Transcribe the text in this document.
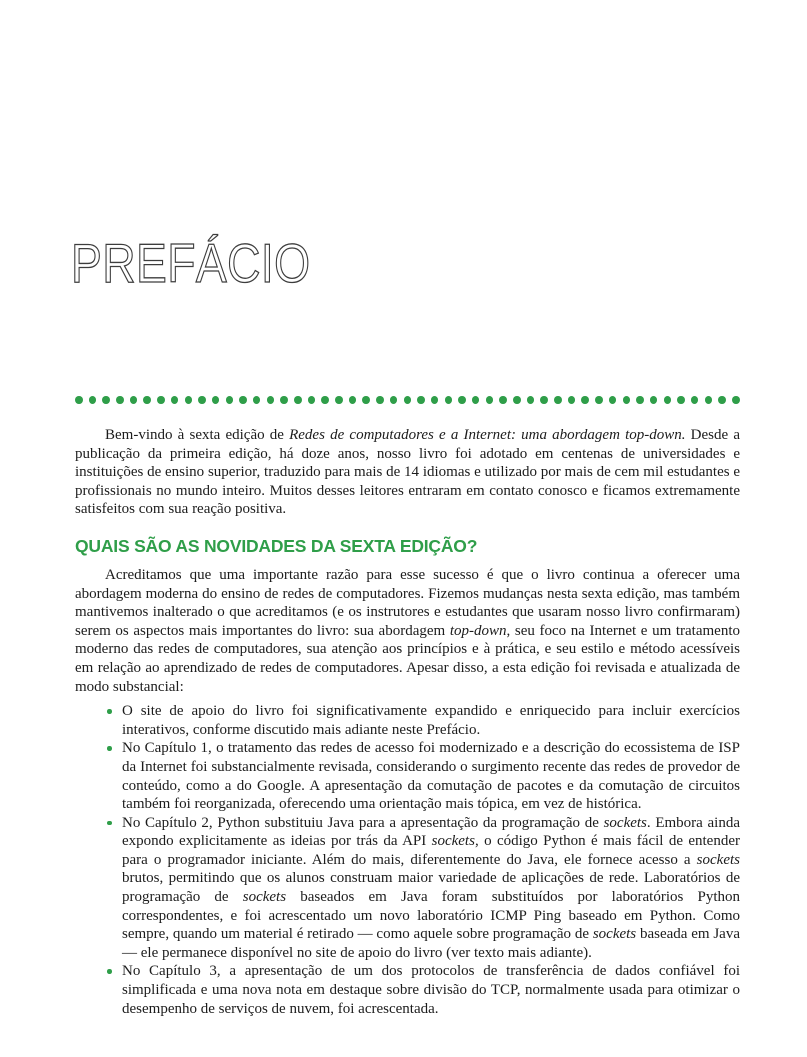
PREFÁCIO

Bem-vindo à sexta edição de Redes de computadores e a Internet: uma abordagem top-down. Desde a publicação da primeira edição, há doze anos, nosso livro foi adotado em centenas de universidades e instituições de ensino superior, traduzido para mais de 14 idiomas e utilizado por mais de cem mil estudantes e profissionais no mundo inteiro. Muitos desses leitores entraram em contato conosco e ficamos extremamente satisfeitos com sua reação positiva.

QUAIS SÃO AS NOVIDADES DA SEXTA EDIÇÃO?

Acreditamos que uma importante razão para esse sucesso é que o livro continua a oferecer uma abordagem moderna do ensino de redes de computadores. Fizemos mudanças nesta sexta edição, mas também mantivemos inalterado o que acreditamos (e os instrutores e estudantes que usaram nosso livro confirmaram) serem os aspectos mais importantes do livro: sua abordagem top-down, seu foco na Internet e um tratamento moderno das redes de computadores, sua atenção aos princípios e à prática, e seu estilo e método acessíveis em relação ao aprendizado de redes de computadores. Apesar disso, a esta edição foi revisada e atualizada de modo substancial:

O site de apoio do livro foi significativamente expandido e enriquecido para incluir exercícios interativos, conforme discutido mais adiante neste Prefácio.
No Capítulo 1, o tratamento das redes de acesso foi modernizado e a descrição do ecossistema de ISP da Internet foi substancialmente revisada, considerando o surgimento recente das redes de provedor de conteúdo, como a do Google. A apresentação da comutação de pacotes e da comutação de circuitos também foi reorganizada, oferecendo uma orientação mais tópica, em vez de histórica.
No Capítulo 2, Python substituiu Java para a apresentação da programação de sockets. Embora ainda expondo explicitamente as ideias por trás da API sockets, o código Python é mais fácil de entender para o programador iniciante. Além do mais, diferentemente do Java, ele fornece acesso a sockets brutos, permitindo que os alunos construam maior variedade de aplicações de rede. Laboratórios de programação de sockets baseados em Java foram substituídos por laboratórios Python correspondentes, e foi acrescentado um novo laboratório ICMP Ping baseado em Python. Como sempre, quando um material é retirado — como aquele sobre programação de sockets baseada em Java — ele permanece disponível no site de apoio do livro (ver texto mais adiante).
No Capítulo 3, a apresentação de um dos protocolos de transferência de dados confiável foi simplificada e uma nova nota em destaque sobre divisão do TCP, normalmente usada para otimizar o desempenho de serviços de nuvem, foi acrescentada.
